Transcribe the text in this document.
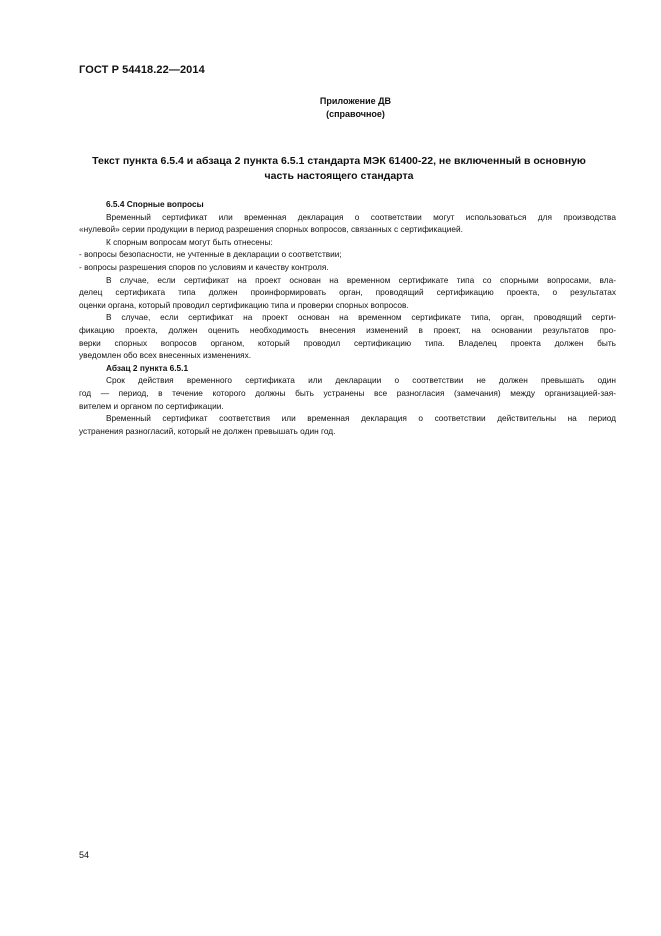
ГОСТ Р 54418.22—2014
Приложение ДВ
(справочное)
Текст пункта 6.5.4 и абзаца 2 пункта 6.5.1 стандарта МЭК 61400-22, не включенный в основную
часть настоящего стандарта

6.5.4 Спорные вопросы

Временный сертификат или временная декларация о соответствии могут использоваться для производства

«нулевой» серии продукции в период разрешения спорных вопросов, связанных с сертификацией.

К спорным вопросам могут быть отнесены:

- вопросы безопасности, не учтенные в декларации о соответствии;

- вопросы разрешения споров по условиям и качеству контроля.

В случае, если сертификат на проект основан на временном сертификате типа со спорными вопросами, вла-

делец сертификата типа должен проинформировать орган, проводящий сертификацию проекта, о результатах
оценки органа, который проводил сертификацию типа и проверки спорных вопросов.

В случае, если сертификат на проект основан на временном сертификате типа, орган, проводящий серти-

фикацию проекта, должен оценить необходимость внесения изменений в проект, на основании результатов про-
верки спорных вопросов органом, который проводил сертификацию типа. Владелец проекта должен быть
уведомлен обо всех внесенных изменениях.

Абзац 2 пункта 6.5.1

Срок действия временного сертификата или декларации о соответствии не должен превышать один

год — период, в течение которого должны быть устранены все разногласия (замечания) между организацией-зая-
вителем и органом по сертификации.

Временный сертификат соответствия или временная декларация о соответствии действительны на период

устранения разногласий, который не должен превышать один год.

54
